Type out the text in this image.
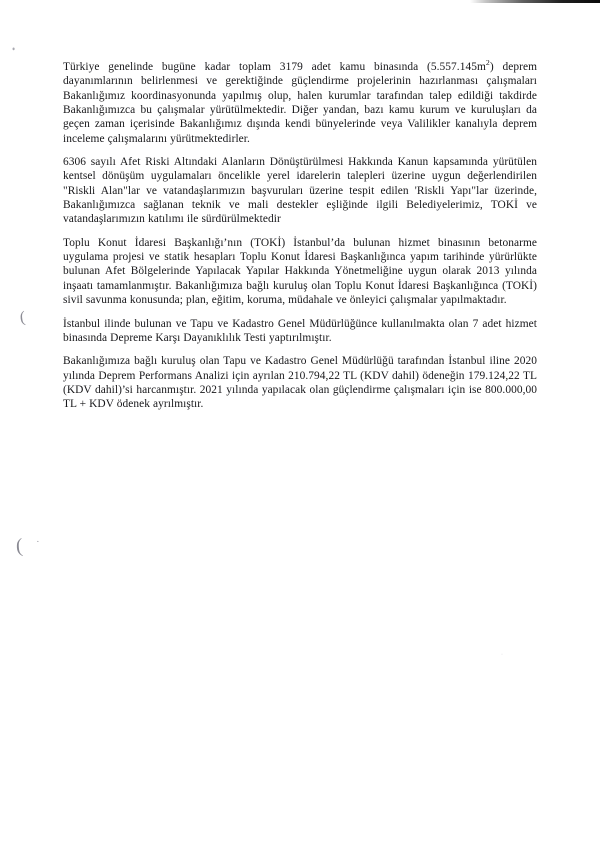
•
(
( ˙
·

Türkiye genelinde bugüne kadar toplam 3179 adet kamu binasında $(5.557.145m^2)$ deprem dayanımlarının belirlenmesi ve gerektiğinde güçlendirme projelerinin hazırlanması çalışmaları Bakanlığımız koordinasyonunda yapılmış olup, halen kurumlar tarafından talep edildiği takdirde Bakanlığımızca bu çalışmalar yürütülmektedir. Diğer yandan, bazı kamu kurum ve kuruluşları da geçen zaman içerisinde Bakanlığımız dışında kendi bünyelerinde veya Valilikler kanalıyla deprem inceleme çalışmalarını yürütmektedirler.

6306 sayılı Afet Riski Altındaki Alanların Dönüştürülmesi Hakkında Kanun kapsamında yürütülen kentsel dönüşüm uygulamaları öncelikle yerel idarelerin talepleri üzerine uygun değerlendirilen "Riskli Alan"lar ve vatandaşlarımızın başvuruları üzerine tespit edilen 'Riskli Yapı"lar üzerinde, Bakanlığımızca sağlanan teknik ve mali destekler eşliğinde ilgili Belediyelerimiz, TOKİ ve vatandaşlarımızın katılımı ile sürdürülmektedir

Toplu Konut İdaresi Başkanlığı’nın (TOKİ) İstanbul’da bulunan hizmet binasının betonarme uygulama projesi ve statik hesapları Toplu Konut İdaresi Başkanlığınca yapım tarihinde yürürlükte bulunan Afet Bölgelerinde Yapılacak Yapılar Hakkında Yönetmeliğine uygun olarak 2013 yılında inşaatı tamamlanmıştır. Bakanlığımıza bağlı kuruluş olan Toplu Konut İdaresi Başkanlığınca (TOKİ) sivil savunma konusunda; plan, eğitim, koruma, müdahale ve önleyici çalışmalar yapılmaktadır.

İstanbul ilinde bulunan ve Tapu ve Kadastro Genel Müdürlüğünce kullanılmakta olan 7 adet hizmet binasında Depreme Karşı Dayanıklılık Testi yaptırılmıştır.

Bakanlığımıza bağlı kuruluş olan Tapu ve Kadastro Genel Müdürlüğü tarafından İstanbul iline 2020 yılında Deprem Performans Analizi için ayrılan 210.794,22 TL (KDV dahil) ödeneğin 179.124,22 TL (KDV dahil)’si harcanmıştır. 2021 yılında yapılacak olan güçlendirme çalışmaları için ise 800.000,00 TL + KDV ödenek ayrılmıştır.
